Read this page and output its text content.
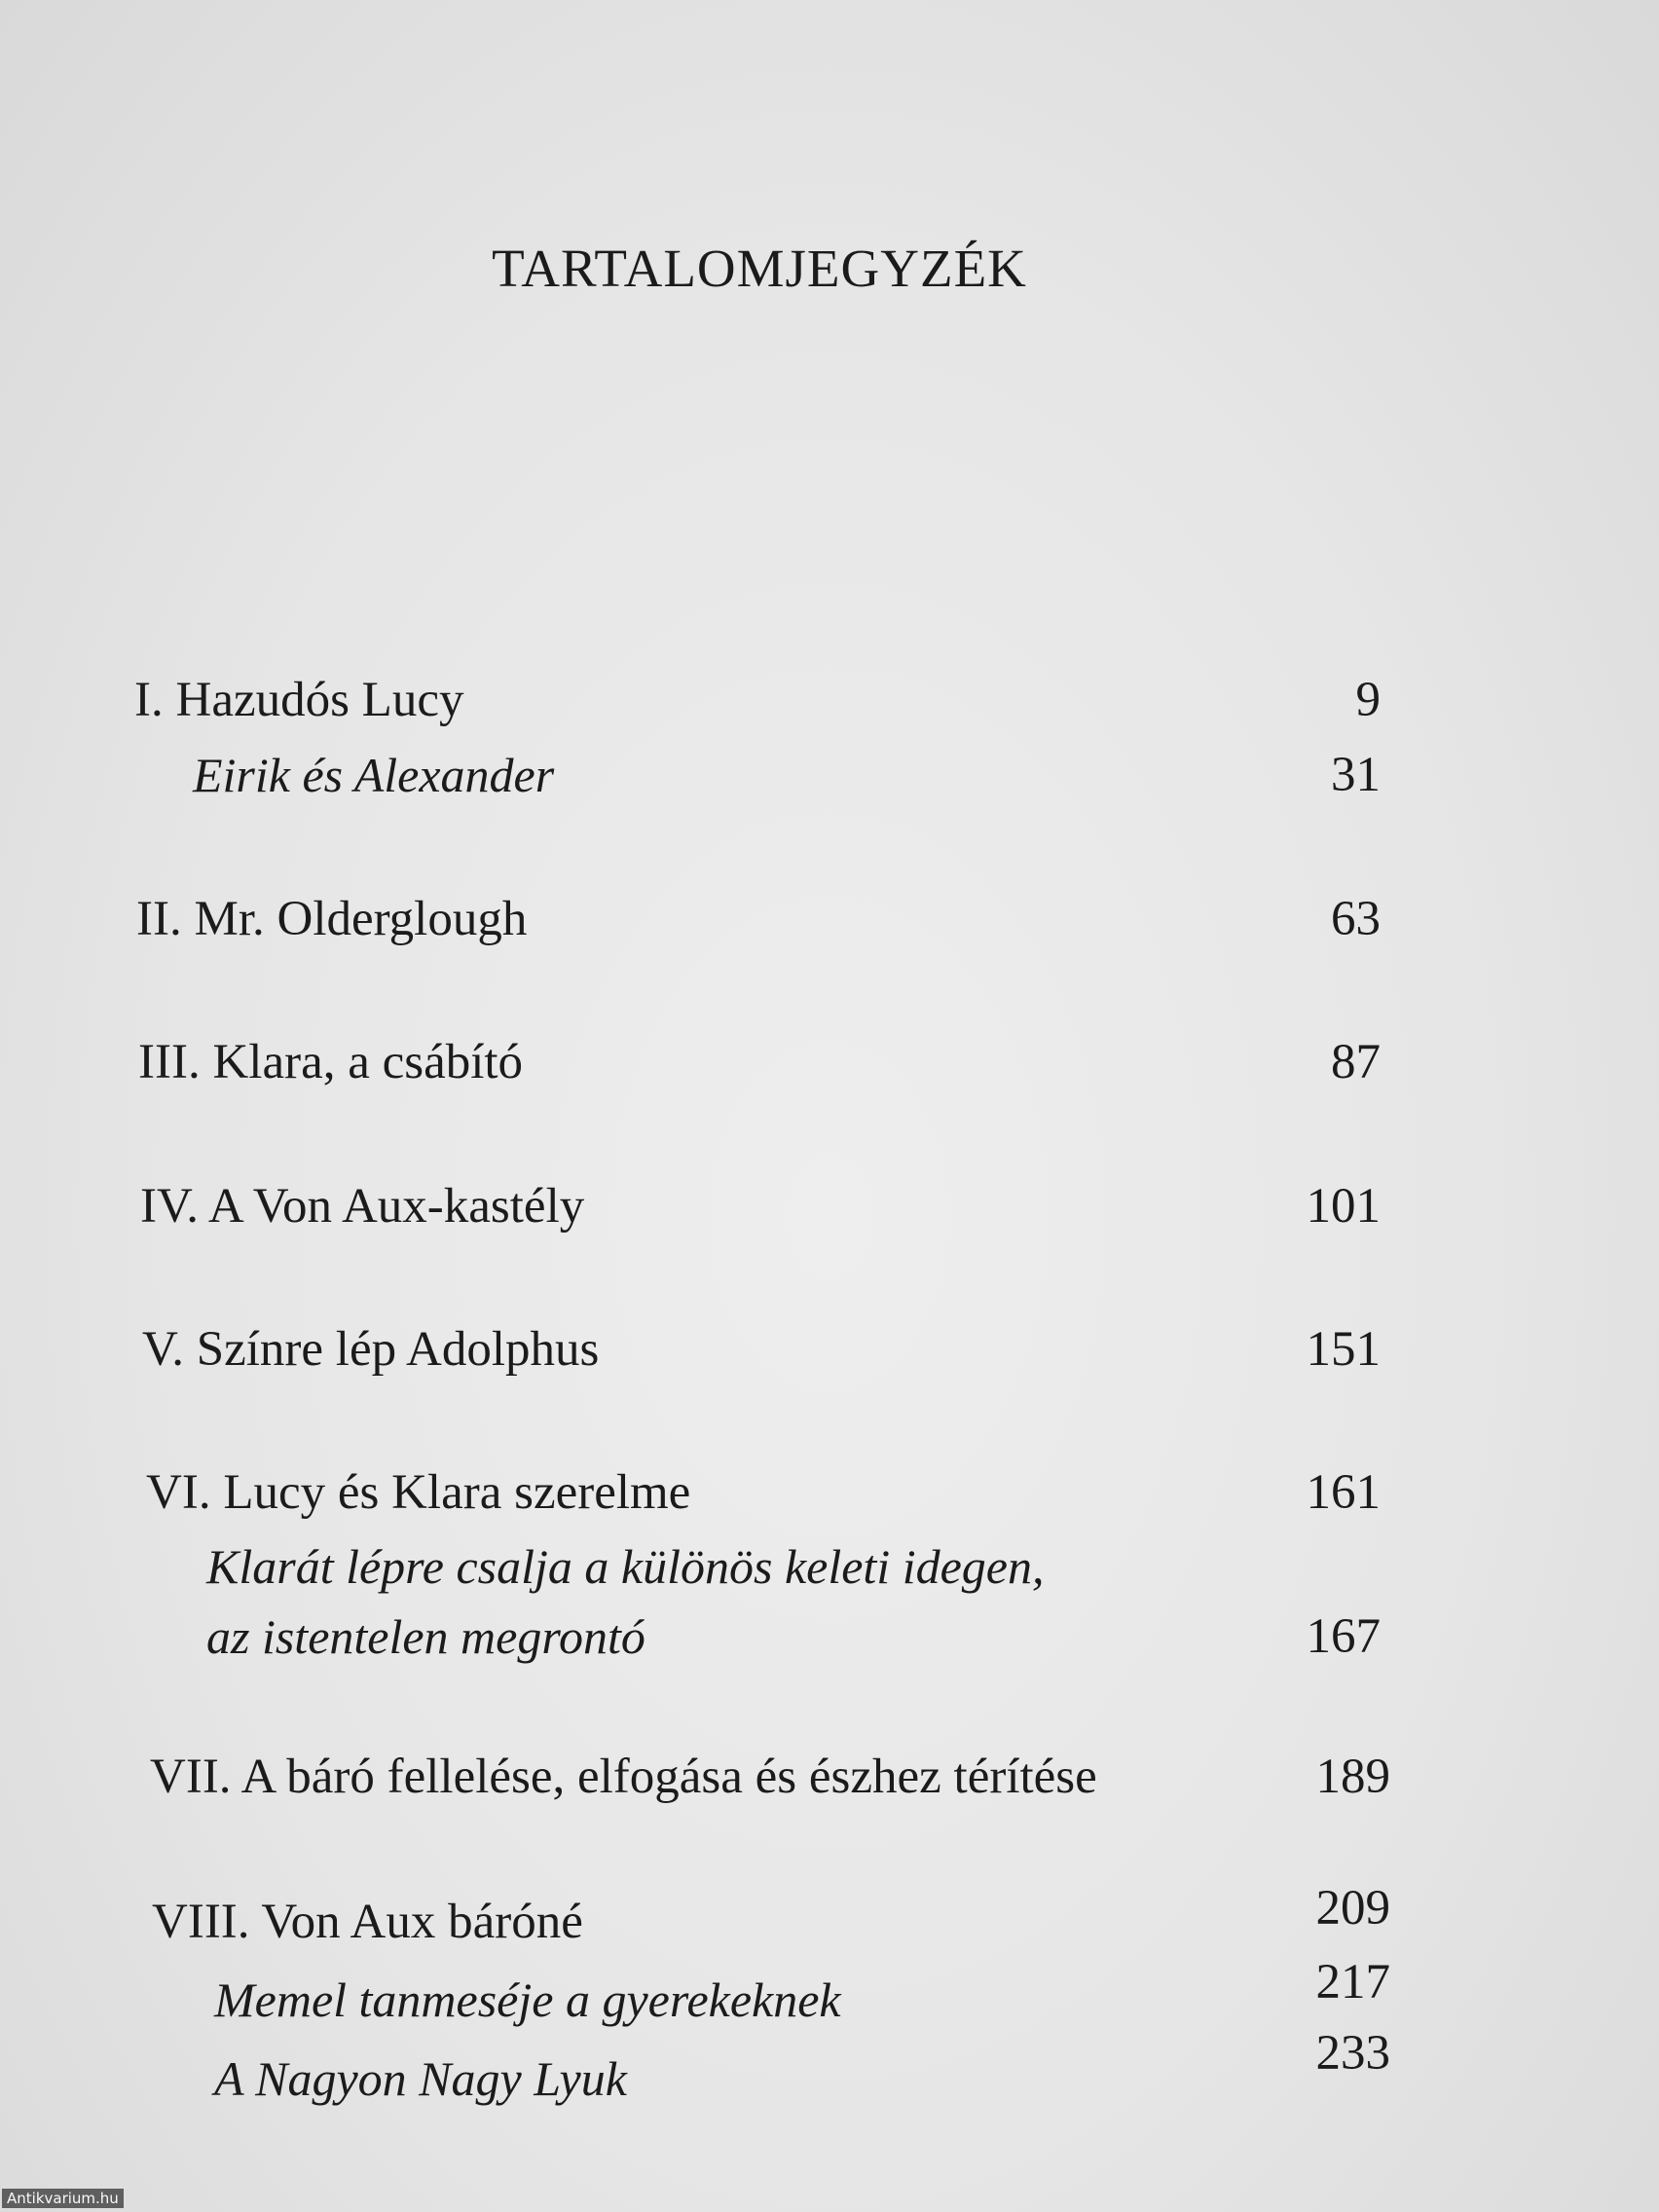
TARTALOMJEGYZÉK
I. Hazudós Lucy	9
Eirik és Alexander	31
II. Mr. Olderglough	63
III. Klara, a csábító	87
IV. A Von Aux-kastély	101
V. Színre lép Adolphus	151
VI. Lucy és Klara szerelme	161
Klarát lépre csalja a különös keleti idegen,
az istentelen megrontó	167
VII. A báró fellelése, elfogása és észhez térítése	189
VIII. Von Aux báróné	209
Memel tanmeséje a gyerekeknek	217
A Nagyon Nagy Lyuk	233
Antikvarium.hu
